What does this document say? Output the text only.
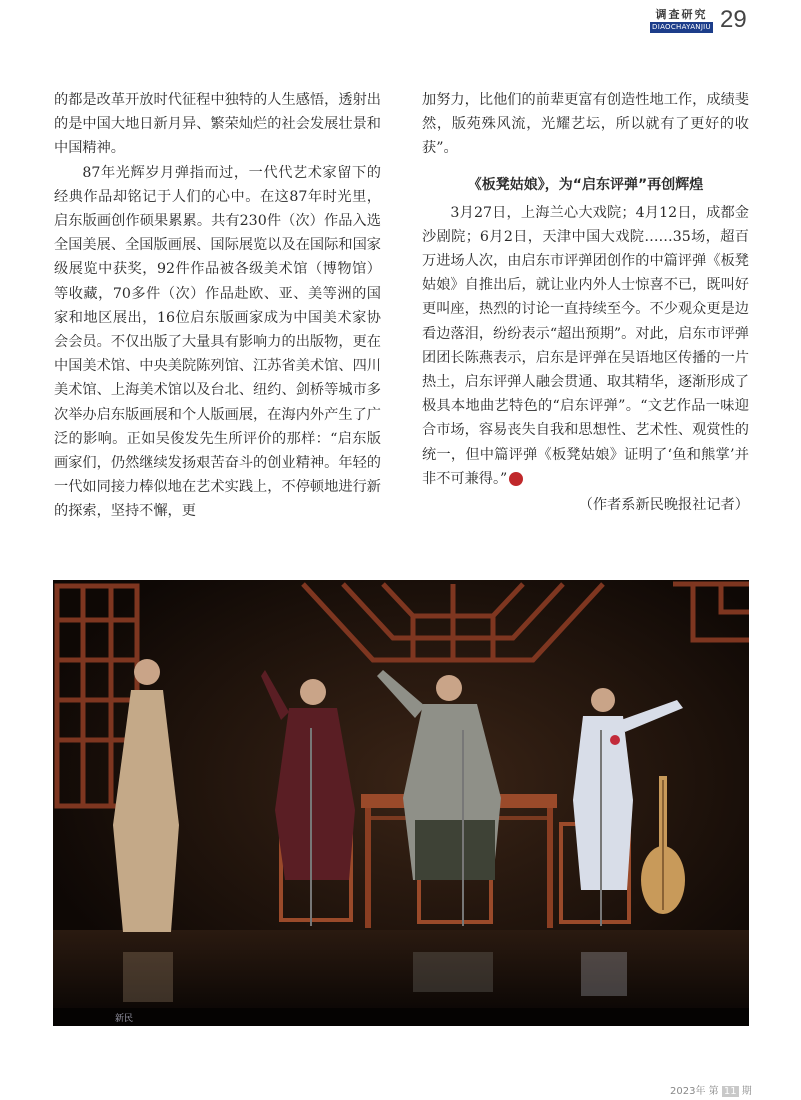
调查研究
DIAOCHAYANJIU 29

的都是改革开放时代征程中独特的人生感悟，透射出的是中国大地日新月异、繁荣灿烂的社会发展壮景和中国精神。

87年光辉岁月弹指而过，一代代艺术家留下的经典作品却铭记于人们的心中。在这87年时光里，启东版画创作硕果累累。共有230件（次）作品入选全国美展、全国版画展、国际展览以及在国际和国家级展览中获奖，92件作品被各级美术馆（博物馆）等收藏，70多件（次）作品赴欧、亚、美等洲的国家和地区展出，16位启东版画家成为中国美术家协会会员。不仅出版了大量具有影响力的出版物，更在中国美术馆、中央美院陈列馆、江苏省美术馆、四川美术馆、上海美术馆以及台北、纽约、剑桥等城市多次举办启东版画展和个人版画展，在海内外产生了广泛的影响。正如吴俊发先生所评价的那样：“启东版画家们，仍然继续发扬艰苦奋斗的创业精神。年轻的一代如同接力棒似地在艺术实践上，不停顿地进行新的探索，坚持不懈，更

加努力，比他们的前辈更富有创造性地工作，成绩斐然，版苑殊风流，光耀艺坛，所以就有了更好的收获”。

《板凳姑娘》，为“启东评弹”再创辉煌

3月27日，上海兰心大戏院；4月12日，成都金沙剧院；6月2日，天津中国大戏院……35场，超百万进场人次，由启东市评弹团创作的中篇评弹《板凳姑娘》自推出后，就让业内外人士惊喜不已，既叫好更叫座，热烈的讨论一直持续至今。不少观众更是边看边落泪，纷纷表示“超出预期”。对此，启东市评弹团团长陈燕表示，启东是评弹在吴语地区传播的一片热土，启东评弹人融会贯通、取其精华，逐渐形成了极具本地曲艺特色的“启东评弹”。“文艺作品一味迎合市场，容易丧失自我和思想性、艺术性、观赏性的统一，但中篇评弹《板凳姑娘》证明了‘鱼和熊掌’并非不可兼得。”	完

（作者系新民晚报社记者）

新民
2023年 第 11 期
